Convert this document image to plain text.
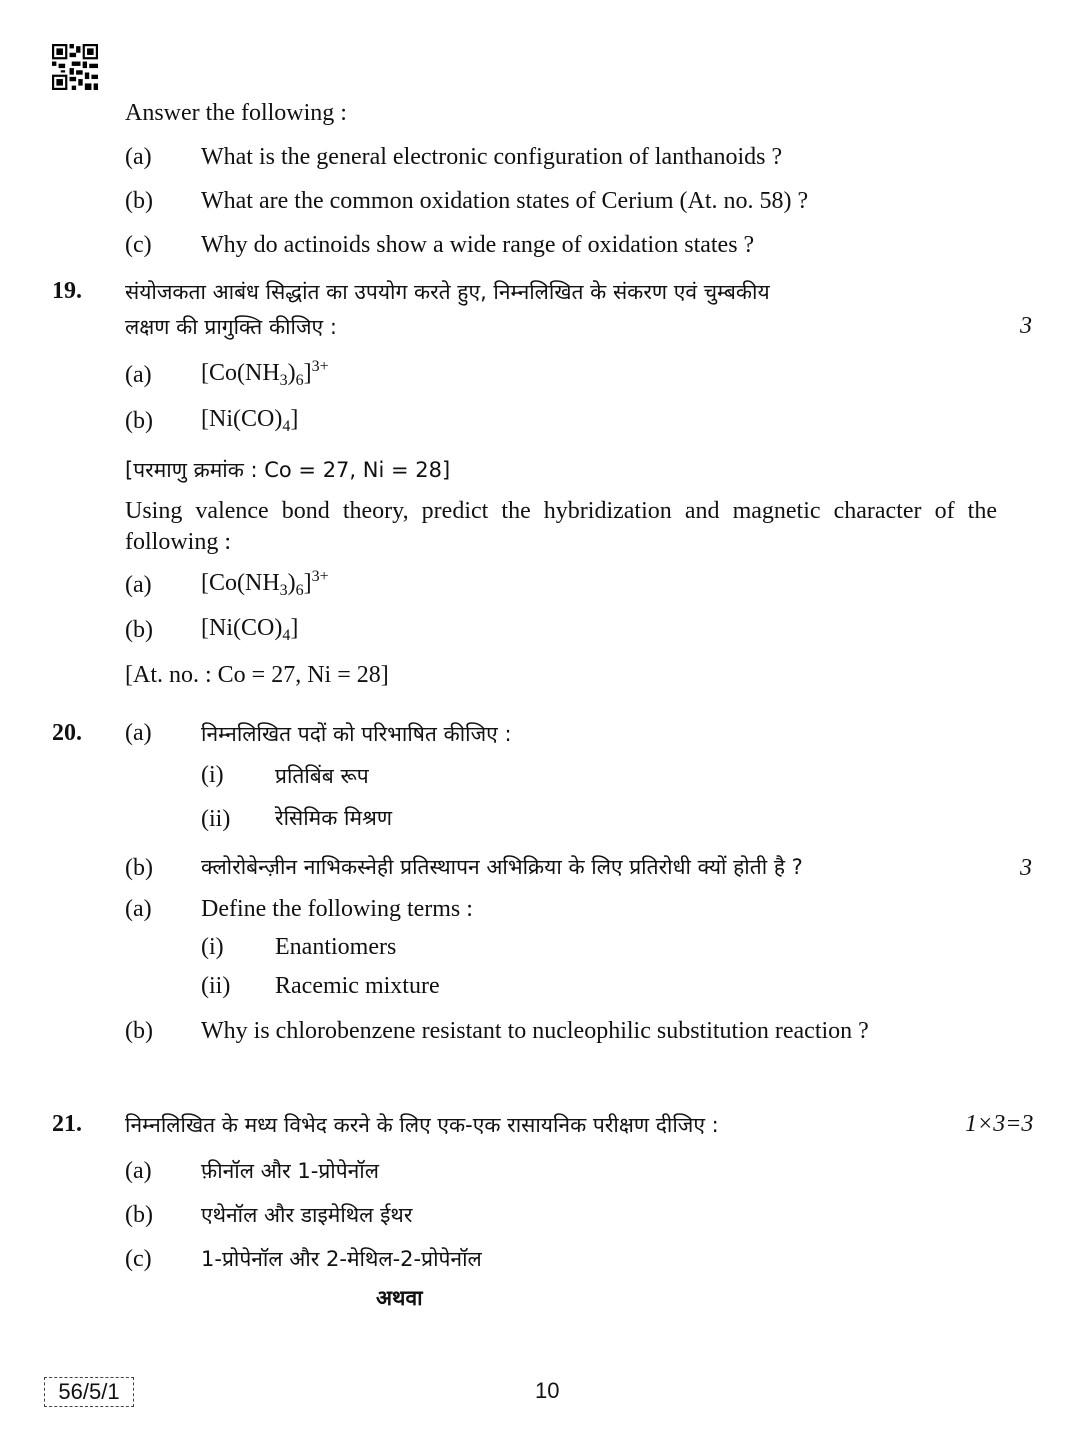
Answer the following :
(a) What is the general electronic configuration of lanthanoids ?
(b) What are the common oxidation states of Cerium (At. no. 58) ?
(c) Why do actinoids show a wide range of oxidation states ?
19. संयोजकता आबंध सिद्धांत का उपयोग करते हुए, निम्नलिखित के संकरण एवं चुम्बकीय
लक्षण की प्रागुक्ति कीजिए :	3
(a) $[Co(NH_3)_6]^{3+}$
(b) $[Ni(CO)_4]$
[परमाणु क्रमांक : Co = 27, Ni = 28]
Using valence bond theory, predict the hybridization and magnetic character of the following :
(a) $[Co(NH_3)_6]^{3+}$
(b) $[Ni(CO)_4]$
[At. no. : Co = 27, Ni = 28]
20. (a) निम्नलिखित पदों को परिभाषित कीजिए :
(i) प्रतिबिंब रूप
(ii) रेसिमिक मिश्रण
(b) क्लोरोबेन्ज़ीन नाभिकस्नेही प्रतिस्थापन अभिक्रिया के लिए प्रतिरोधी क्यों होती है ?	3
(a) Define the following terms :
(i) Enantiomers
(ii) Racemic mixture
(b) Why is chlorobenzene resistant to nucleophilic substitution reaction ?
21. निम्नलिखित के मध्य विभेद करने के लिए एक-एक रासायनिक परीक्षण दीजिए :	1×3=3
(a) फ़ीनॉल और 1-प्रोपेनॉल
(b) एथेनॉल और डाइमेथिल ईथर
(c) 1-प्रोपेनॉल और 2-मेथिल-2-प्रोपेनॉल
अथवा
56/5/1	10
